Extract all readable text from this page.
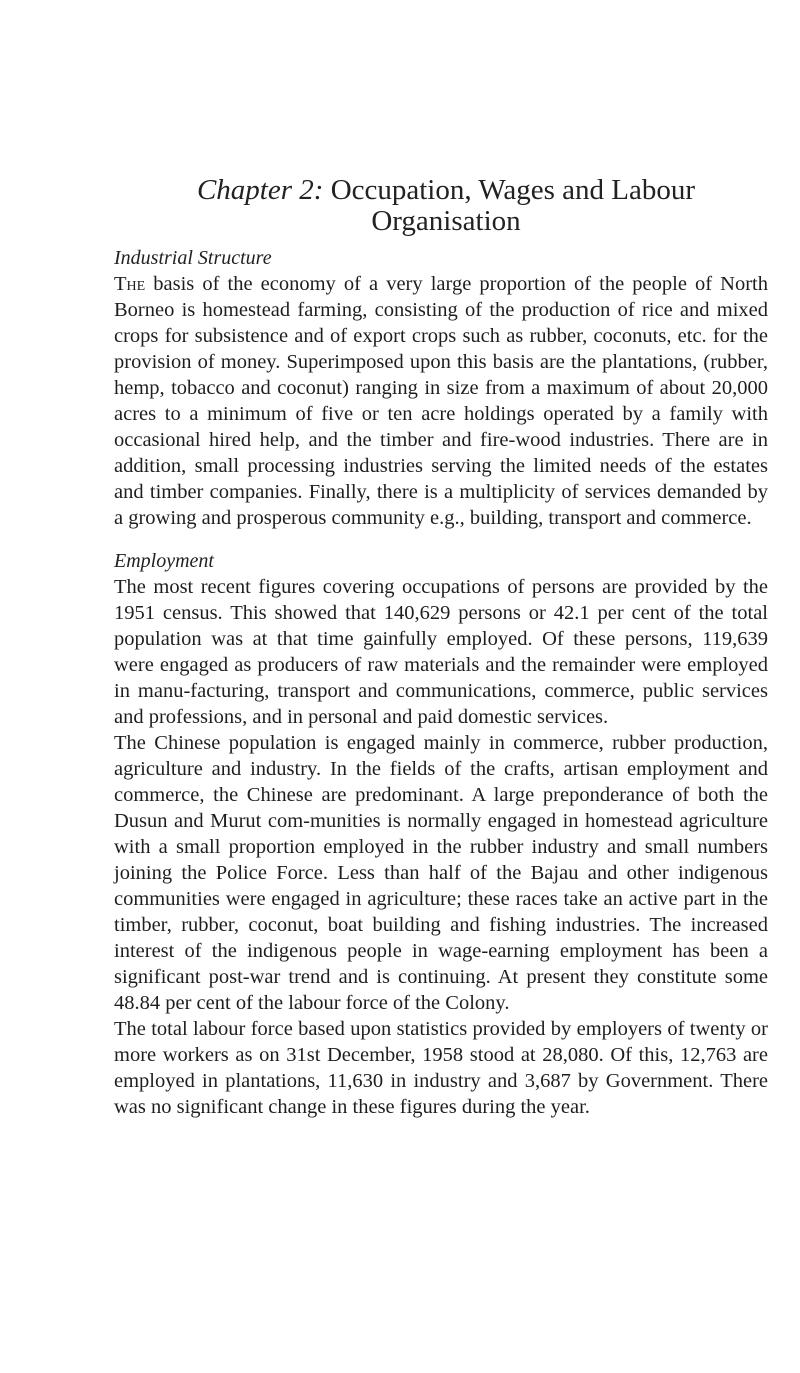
Chapter 2: Occupation, Wages and Labour
Organisation
Industrial Structure

The basis of the economy of a very large proportion of the people of North Borneo is homestead farming, consisting of the production of rice and mixed crops for subsistence and of export crops such as rubber, coconuts, etc. for the provision of money. Superimposed upon this basis are the plantations, (rubber, hemp, tobacco and coconut) ranging in size from a maximum of about 20,000 acres to a minimum of five or ten acre holdings operated by a family with occasional hired help, and the timber and fire-wood industries. There are in addition, small processing industries serving the limited needs of the estates and timber companies. Finally, there is a multiplicity of services demanded by a growing and prosperous community e.g., building, transport and commerce.

Employment

The most recent figures covering occupations of persons are provided by the 1951 census. This showed that 140,629 persons or 42.1 per cent of the total population was at that time gainfully employed. Of these persons, 119,639 were engaged as producers of raw materials and the remainder were employed in manu-facturing, transport and communications, commerce, public services and professions, and in personal and paid domestic services.

The Chinese population is engaged mainly in commerce, rubber production, agriculture and industry. In the fields of the crafts, artisan employment and commerce, the Chinese are predominant. A large preponderance of both the Dusun and Murut com-munities is normally engaged in homestead agriculture with a small proportion employed in the rubber industry and small numbers joining the Police Force. Less than half of the Bajau and other indigenous communities were engaged in agriculture; these races take an active part in the timber, rubber, coconut, boat building and fishing industries. The increased interest of the indigenous people in wage-earning employment has been a significant post-war trend and is continuing. At present they constitute some 48.84 per cent of the labour force of the Colony.

The total labour force based upon statistics provided by employers of twenty or more workers as on 31st December, 1958 stood at 28,080. Of this, 12,763 are employed in plantations, 11,630 in industry and 3,687 by Government. There was no significant change in these figures during the year.
